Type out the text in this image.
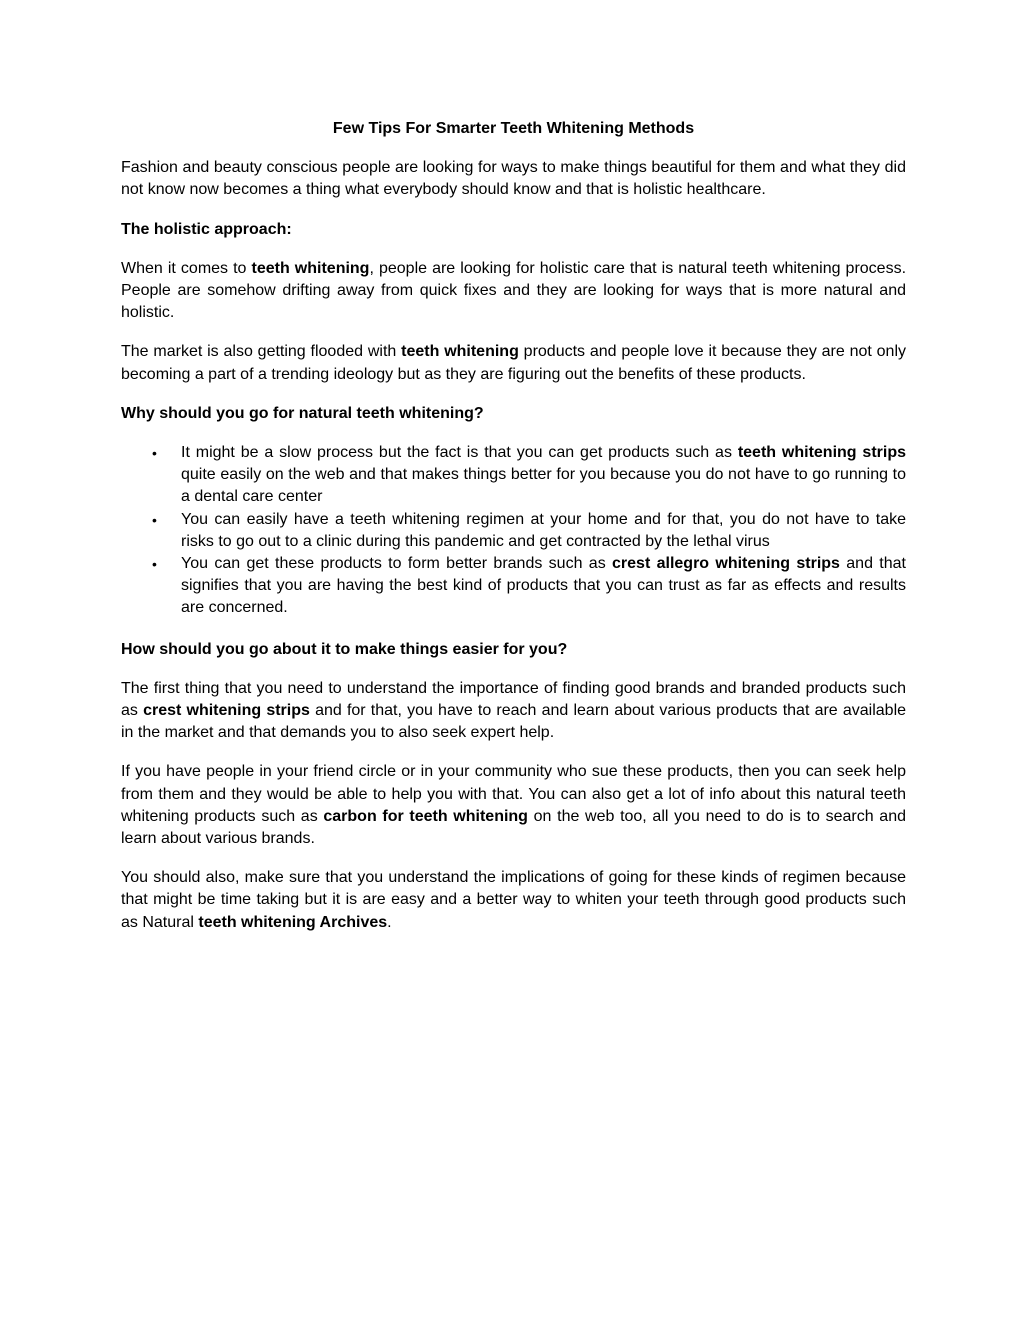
Few Tips For Smarter Teeth Whitening Methods

Fashion and beauty conscious people are looking for ways to make things beautiful for them and what they did not know now becomes a thing what everybody should know and that is holistic healthcare.

The holistic approach:

When it comes to teeth whitening, people are looking for holistic care that is natural teeth whitening process. People are somehow drifting away from quick fixes and they are looking for ways that is more natural and holistic.

The market is also getting flooded with teeth whitening products and people love it because they are not only becoming a part of a trending ideology but as they are figuring out the benefits of these products.

Why should you go for natural teeth whitening?
• It might be a slow process but the fact is that you can get products such as teeth whitening strips quite easily on the web and that makes things better for you because you do not have to go running to a dental care center
• You can easily have a teeth whitening regimen at your home and for that, you do not have to take risks to go out to a clinic during this pandemic and get contracted by the lethal virus
• You can get these products to form better brands such as crest allegro whitening strips and that signifies that you are having the best kind of products that you can trust as far as effects and results are concerned.
How should you go about it to make things easier for you?

The first thing that you need to understand the importance of finding good brands and branded products such as crest whitening strips and for that, you have to reach and learn about various products that are available in the market and that demands you to also seek expert help.

If you have people in your friend circle or in your community who sue these products, then you can seek help from them and they would be able to help you with that. You can also get a lot of info about this natural teeth whitening products such as carbon for teeth whitening on the web too, all you need to do is to search and learn about various brands.

You should also, make sure that you understand the implications of going for these kinds of regimen because that might be time taking but it is are easy and a better way to whiten your teeth through good products such as Natural teeth whitening Archives.
